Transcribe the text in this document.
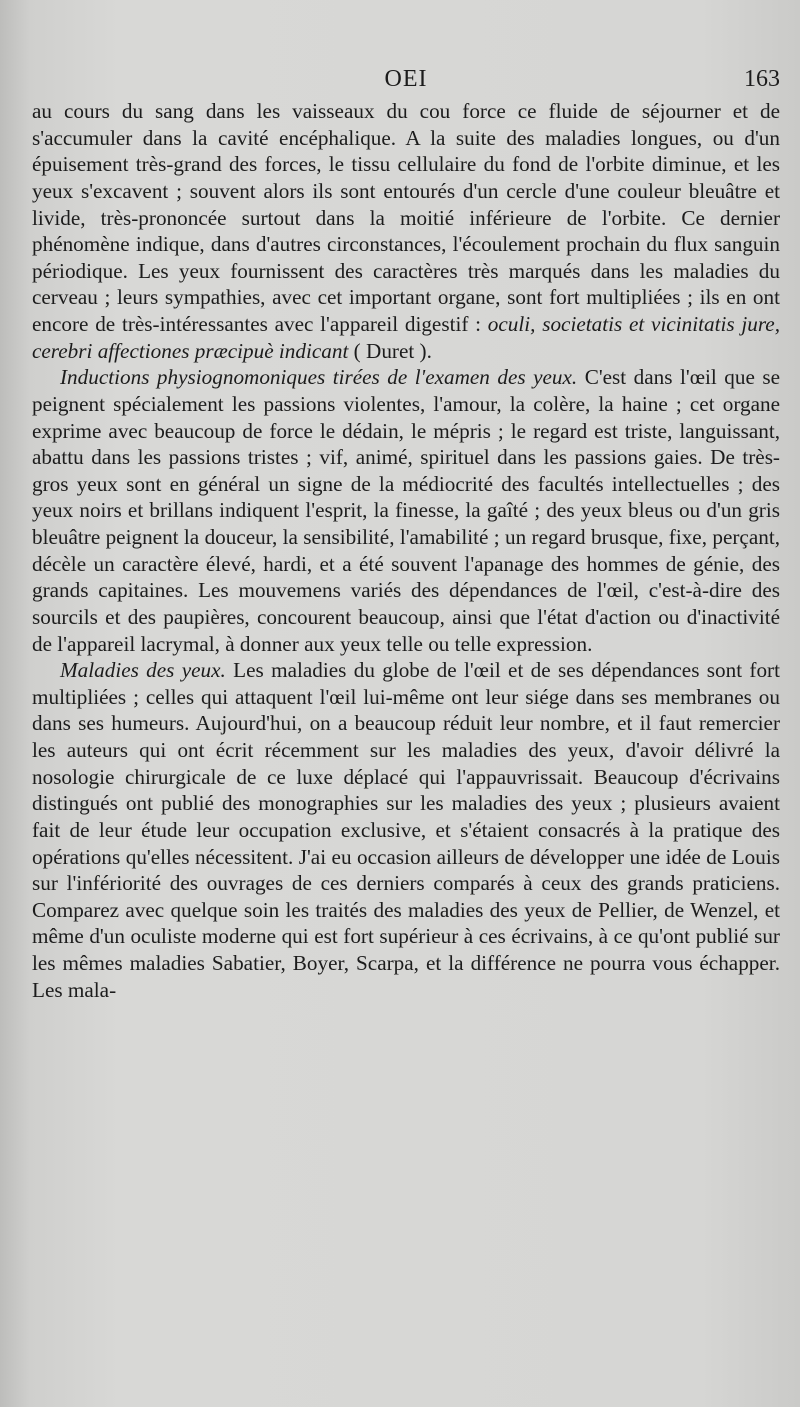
OEI	163

au cours du sang dans les vaisseaux du cou force ce fluide de séjourner et de s'accumuler dans la cavité encéphalique. A la suite des maladies longues, ou d'un épuisement très-grand des forces, le tissu cellulaire du fond de l'orbite diminue, et les yeux s'excavent ; souvent alors ils sont entourés d'un cercle d'une couleur bleuâtre et livide, très-prononcée surtout dans la moitié inférieure de l'orbite. Ce dernier phénomène indique, dans d'autres circonstances, l'écoulement prochain du flux sanguin périodique. Les yeux fournissent des caractères très marqués dans les maladies du cerveau ; leurs sympathies, avec cet important organe, sont fort multipliées ; ils en ont encore de très-intéressantes avec l'appareil digestif : oculi, societatis et vicinitatis jure, cerebri affectiones præcipuè indicant ( Duret ).

Inductions physiognomoniques tirées de l'examen des yeux. C'est dans l'œil que se peignent spécialement les passions violentes, l'amour, la colère, la haine ; cet organe exprime avec beaucoup de force le dédain, le mépris ; le regard est triste, languissant, abattu dans les passions tristes ; vif, animé, spirituel dans les passions gaies. De très-gros yeux sont en général un signe de la médiocrité des facultés intellectuelles ; des yeux noirs et brillans indiquent l'esprit, la finesse, la gaîté ; des yeux bleus ou d'un gris bleuâtre peignent la douceur, la sensibilité, l'amabilité ; un regard brusque, fixe, perçant, décèle un caractère élevé, hardi, et a été souvent l'apanage des hommes de génie, des grands capitaines. Les mouvemens variés des dépendances de l'œil, c'est-à-dire des sourcils et des paupières, concourent beaucoup, ainsi que l'état d'action ou d'inactivité de l'appareil lacrymal, à donner aux yeux telle ou telle expression.

Maladies des yeux. Les maladies du globe de l'œil et de ses dépendances sont fort multipliées ; celles qui attaquent l'œil lui-même ont leur siége dans ses membranes ou dans ses humeurs. Aujourd'hui, on a beaucoup réduit leur nombre, et il faut remercier les auteurs qui ont écrit récemment sur les maladies des yeux, d'avoir délivré la nosologie chirurgicale de ce luxe déplacé qui l'appauvrissait. Beaucoup d'écrivains distingués ont publié des monographies sur les maladies des yeux ; plusieurs avaient fait de leur étude leur occupation exclusive, et s'étaient consacrés à la pratique des opérations qu'elles nécessitent. J'ai eu occasion ailleurs de développer une idée de Louis sur l'infériorité des ouvrages de ces derniers comparés à ceux des grands praticiens. Comparez avec quelque soin les traités des maladies des yeux de Pellier, de Wenzel, et même d'un oculiste moderne qui est fort supérieur à ces écrivains, à ce qu'ont publié sur les mêmes maladies Sabatier, Boyer, Scarpa, et la différence ne pourra vous échapper. Les mala-
